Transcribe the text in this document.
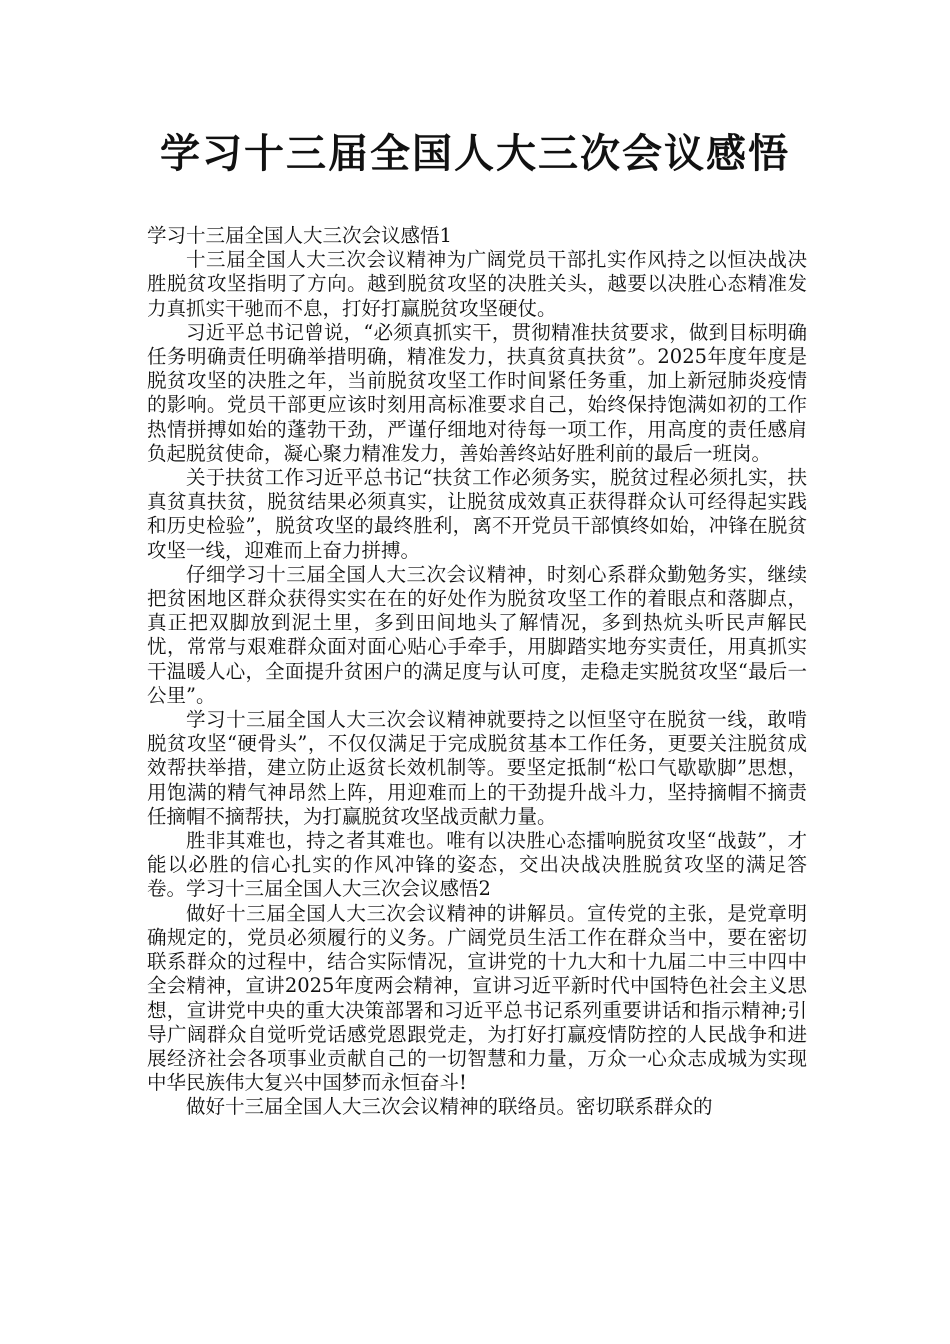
学习十三届全国人大三次会议感悟

学习十三届全国人大三次会议感悟1

十三届全国人大三次会议精神为广阔党员干部扎实作风持之以恒决战决胜脱贫攻坚指明了方向。越到脱贫攻坚的决胜关头，越要以决胜心态精准发力真抓实干驰而不息，打好打赢脱贫攻坚硬仗。

习近平总书记曾说，“必须真抓实干，贯彻精准扶贫要求，做到目标明确任务明确责任明确举措明确，精准发力，扶真贫真扶贫”。2025年度年度是脱贫攻坚的决胜之年，当前脱贫攻坚工作时间紧任务重，加上新冠肺炎疫情的影响。党员干部更应该时刻用高标准要求自己，始终保持饱满如初的工作热情拼搏如始的蓬勃干劲，严谨仔细地对待每一项工作，用高度的责任感肩负起脱贫使命，凝心聚力精准发力，善始善终站好胜利前的最后一班岗。

关于扶贫工作习近平总书记“扶贫工作必须务实，脱贫过程必须扎实，扶真贫真扶贫，脱贫结果必须真实，让脱贫成效真正获得群众认可经得起实践和历史检验”，脱贫攻坚的最终胜利，离不开党员干部慎终如始，冲锋在脱贫攻坚一线，迎难而上奋力拼搏。

仔细学习十三届全国人大三次会议精神，时刻心系群众勤勉务实，继续把贫困地区群众获得实实在在的好处作为脱贫攻坚工作的着眼点和落脚点，真正把双脚放到泥土里，多到田间地头了解情况，多到热炕头听民声解民忧，常常与艰难群众面对面心贴心手牵手，用脚踏实地夯实责任，用真抓实干温暖人心，全面提升贫困户的满足度与认可度，走稳走实脱贫攻坚“最后一公里”。

学习十三届全国人大三次会议精神就要持之以恒坚守在脱贫一线，敢啃脱贫攻坚“硬骨头”，不仅仅满足于完成脱贫基本工作任务，更要关注脱贫成效帮扶举措，建立防止返贫长效机制等。要坚定抵制“松口气歇歇脚”思想，用饱满的精气神昂然上阵，用迎难而上的干劲提升战斗力，坚持摘帽不摘责任摘帽不摘帮扶，为打赢脱贫攻坚战贡献力量。

胜非其难也，持之者其难也。唯有以决胜心态擂响脱贫攻坚“战鼓”，才能以必胜的信心扎实的作风冲锋的姿态，交出决战决胜脱贫攻坚的满足答卷。学习十三届全国人大三次会议感悟2

做好十三届全国人大三次会议精神的讲解员。宣传党的主张，是党章明确规定的，党员必须履行的义务。广阔党员生活工作在群众当中，要在密切联系群众的过程中，结合实际情况，宣讲党的十九大和十九届二中三中四中全会精神，宣讲2025年度两会精神，宣讲习近平新时代中国特色社会主义思想，宣讲党中央的重大决策部署和习近平总书记系列重要讲话和指示精神;引导广阔群众自觉听党话感党恩跟党走，为打好打赢疫情防控的人民战争和进展经济社会各项事业贡献自己的一切智慧和力量，万众一心众志成城为实现中华民族伟大复兴中国梦而永恒奋斗!

做好十三届全国人大三次会议精神的联络员。密切联系群众的
